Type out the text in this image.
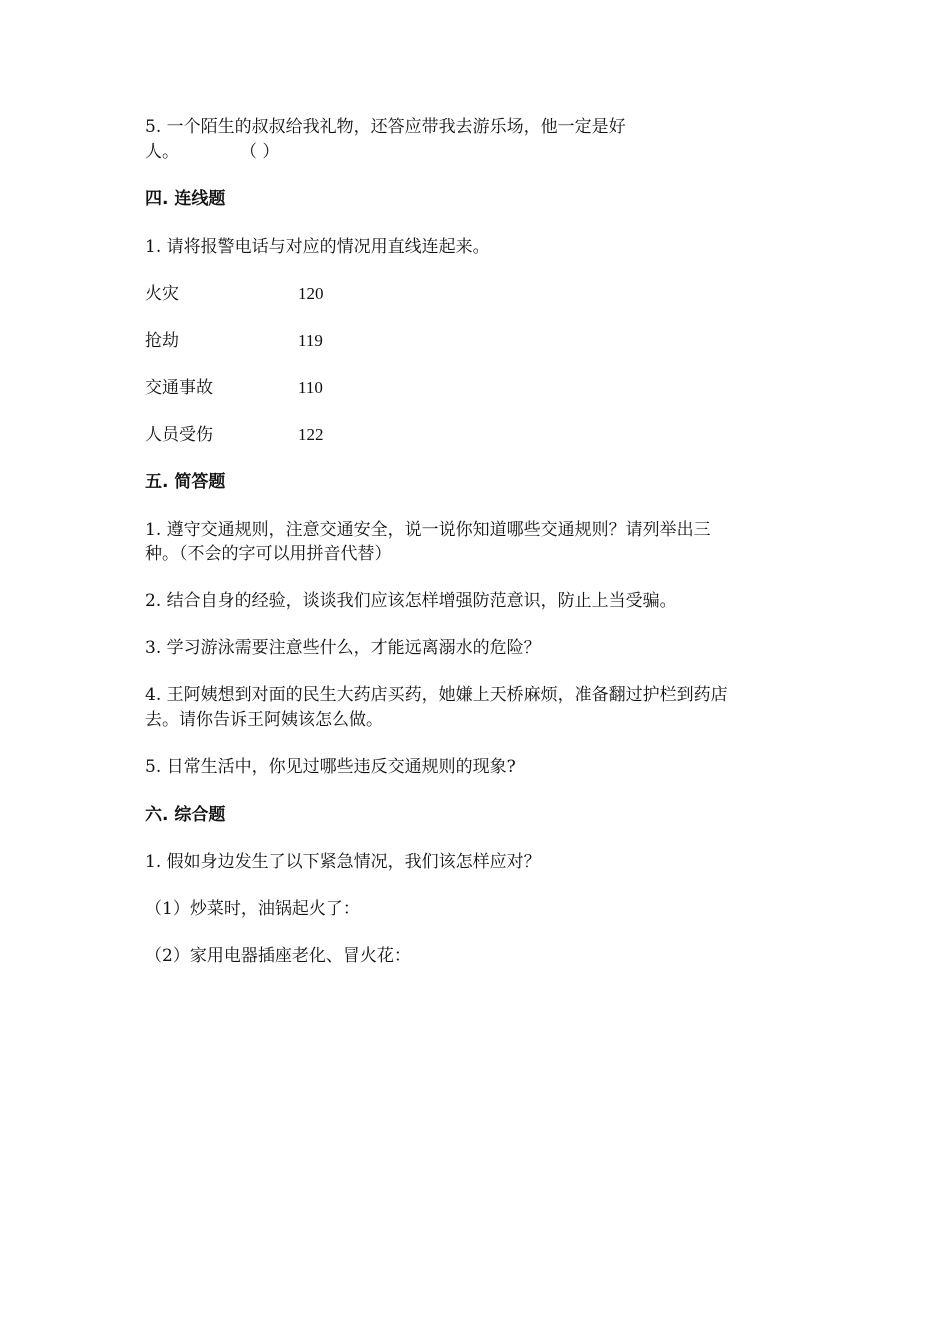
5. 一个陌生的叔叔给我礼物，还答应带我去游乐场，他一定是好
人。	（ ）
四. 连线题
1. 请将报警电话与对应的情况用直线连起来。
火灾	120
抢劫	119
交通事故	110
人员受伤	122
五. 简答题
1. 遵守交通规则，注意交通安全，说一说你知道哪些交通规则？请列举出三
种。（不会的字可以用拼音代替）
2. 结合自身的经验，谈谈我们应该怎样增强防范意识，防止上当受骗。
3. 学习游泳需要注意些什么，才能远离溺水的危险？
4. 王阿姨想到对面的民生大药店买药，她嫌上天桥麻烦，准备翻过护栏到药店
去。请你告诉王阿姨该怎么做。
5. 日常生活中，你见过哪些违反交通规则的现象?
六. 综合题
1. 假如身边发生了以下紧急情况，我们该怎样应对？
（1）炒菜时，油锅起火了：
（2）家用电器插座老化、冒火花：
